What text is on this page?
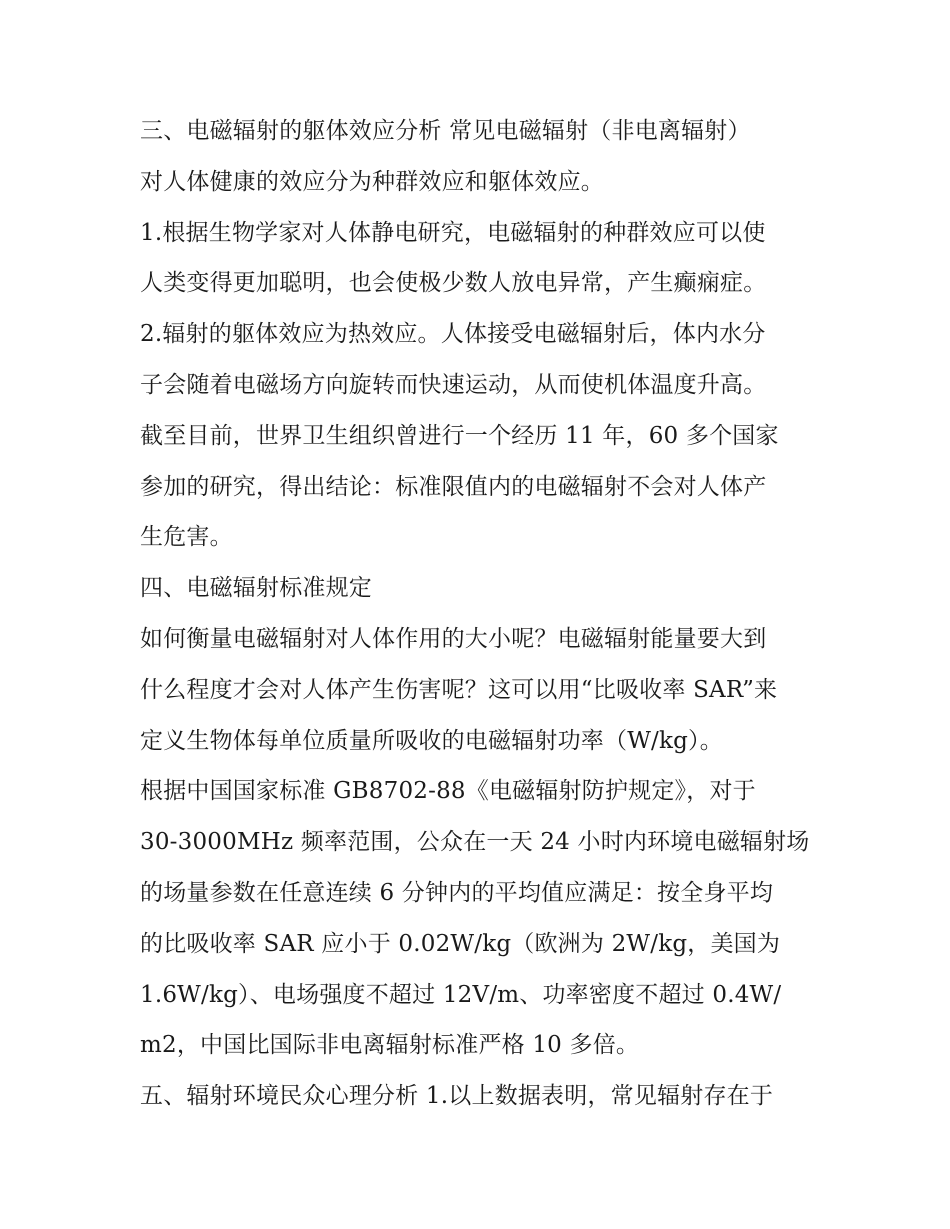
三、电磁辐射的躯体效应分析 常见电磁辐射（非电离辐射）
对人体健康的效应分为种群效应和躯体效应。
1.根据生物学家对人体静电研究，电磁辐射的种群效应可以使
人类变得更加聪明，也会使极少数人放电异常，产生癫痫症。
2.辐射的躯体效应为热效应。人体接受电磁辐射后，体内水分
子会随着电磁场方向旋转而快速运动，从而使机体温度升高。
截至目前，世界卫生组织曾进行一个经历 11 年，60 多个国家
参加的研究，得出结论：标准限值内的电磁辐射不会对人体产
生危害。
四、电磁辐射标准规定
如何衡量电磁辐射对人体作用的大小呢？电磁辐射能量要大到
什么程度才会对人体产生伤害呢？这可以用“比吸收率 SAR”来
定义生物体每单位质量所吸收的电磁辐射功率（W/kg）。
根据中国国家标准 GB8702-88《电磁辐射防护规定》，对于
30-3000MHz 频率范围，公众在一天 24 小时内环境电磁辐射场
的场量参数在任意连续 6 分钟内的平均值应满足：按全身平均
的比吸收率 SAR 应小于 0.02W/kg（欧洲为 2W/kg，美国为
1.6W/kg）、电场强度不超过 12V/m、功率密度不超过 0.4W/
m2，中国比国际非电离辐射标准严格 10 多倍。
五、辐射环境民众心理分析 1.以上数据表明，常见辐射存在于
